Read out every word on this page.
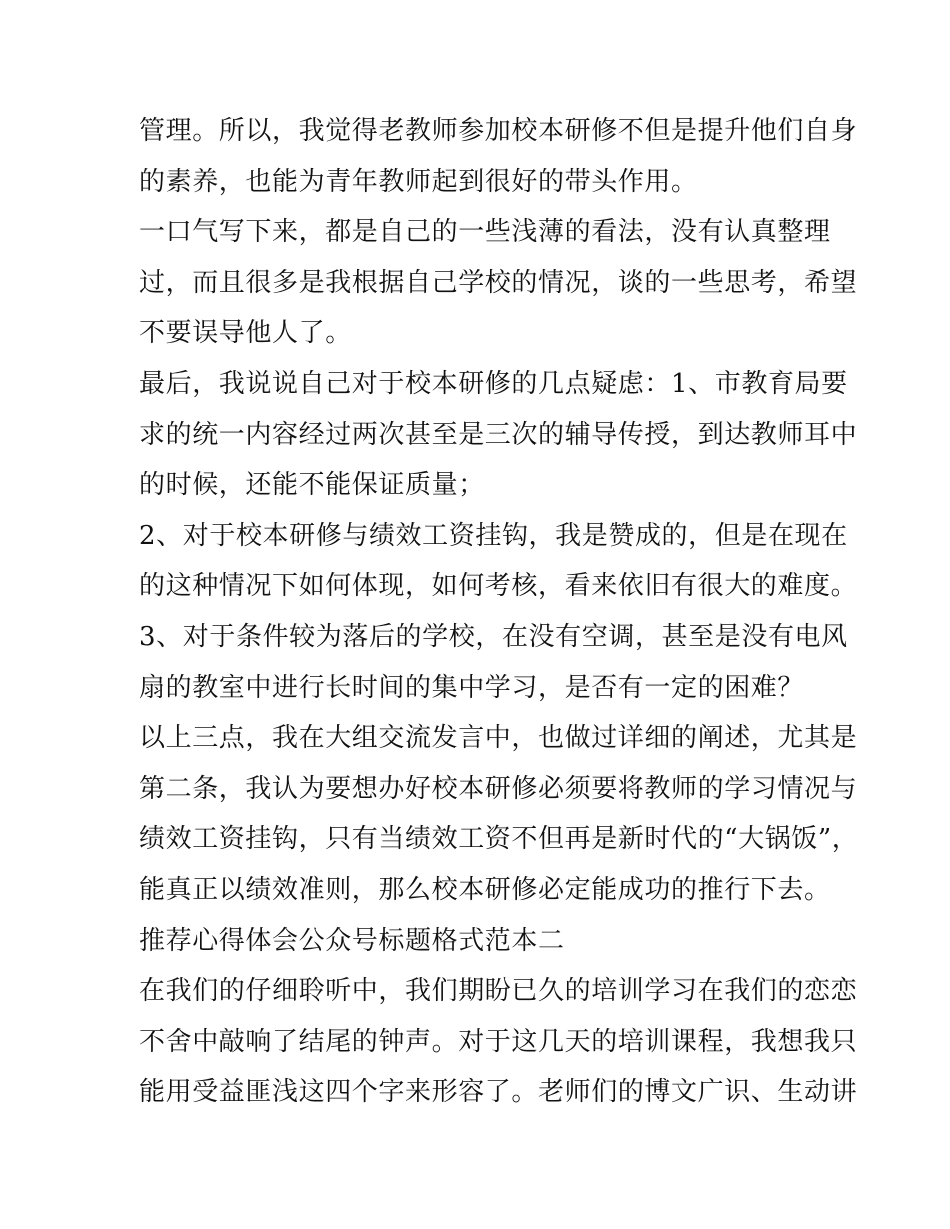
管理。所以，我觉得老教师参加校本研修不但是提升他们自身
的素养，也能为青年教师起到很好的带头作用。
一口气写下来，都是自己的一些浅薄的看法，没有认真整理
过，而且很多是我根据自己学校的情况，谈的一些思考，希望
不要误导他人了。
最后，我说说自己对于校本研修的几点疑虑：1、市教育局要
求的统一内容经过两次甚至是三次的辅导传授，到达教师耳中
的时候，还能不能保证质量；
2、对于校本研修与绩效工资挂钩，我是赞成的，但是在现在
的这种情况下如何体现，如何考核，看来依旧有很大的难度。
3、对于条件较为落后的学校，在没有空调，甚至是没有电风
扇的教室中进行长时间的集中学习，是否有一定的困难？
以上三点，我在大组交流发言中，也做过详细的阐述，尤其是
第二条，我认为要想办好校本研修必须要将教师的学习情况与
绩效工资挂钩，只有当绩效工资不但再是新时代的“大锅饭”，
能真正以绩效准则，那么校本研修必定能成功的推行下去。
推荐心得体会公众号标题格式范本二
在我们的仔细聆听中，我们期盼已久的培训学习在我们的恋恋
不舍中敲响了结尾的钟声。对于这几天的培训课程，我想我只
能用受益匪浅这四个字来形容了。老师们的博文广识、生动讲
